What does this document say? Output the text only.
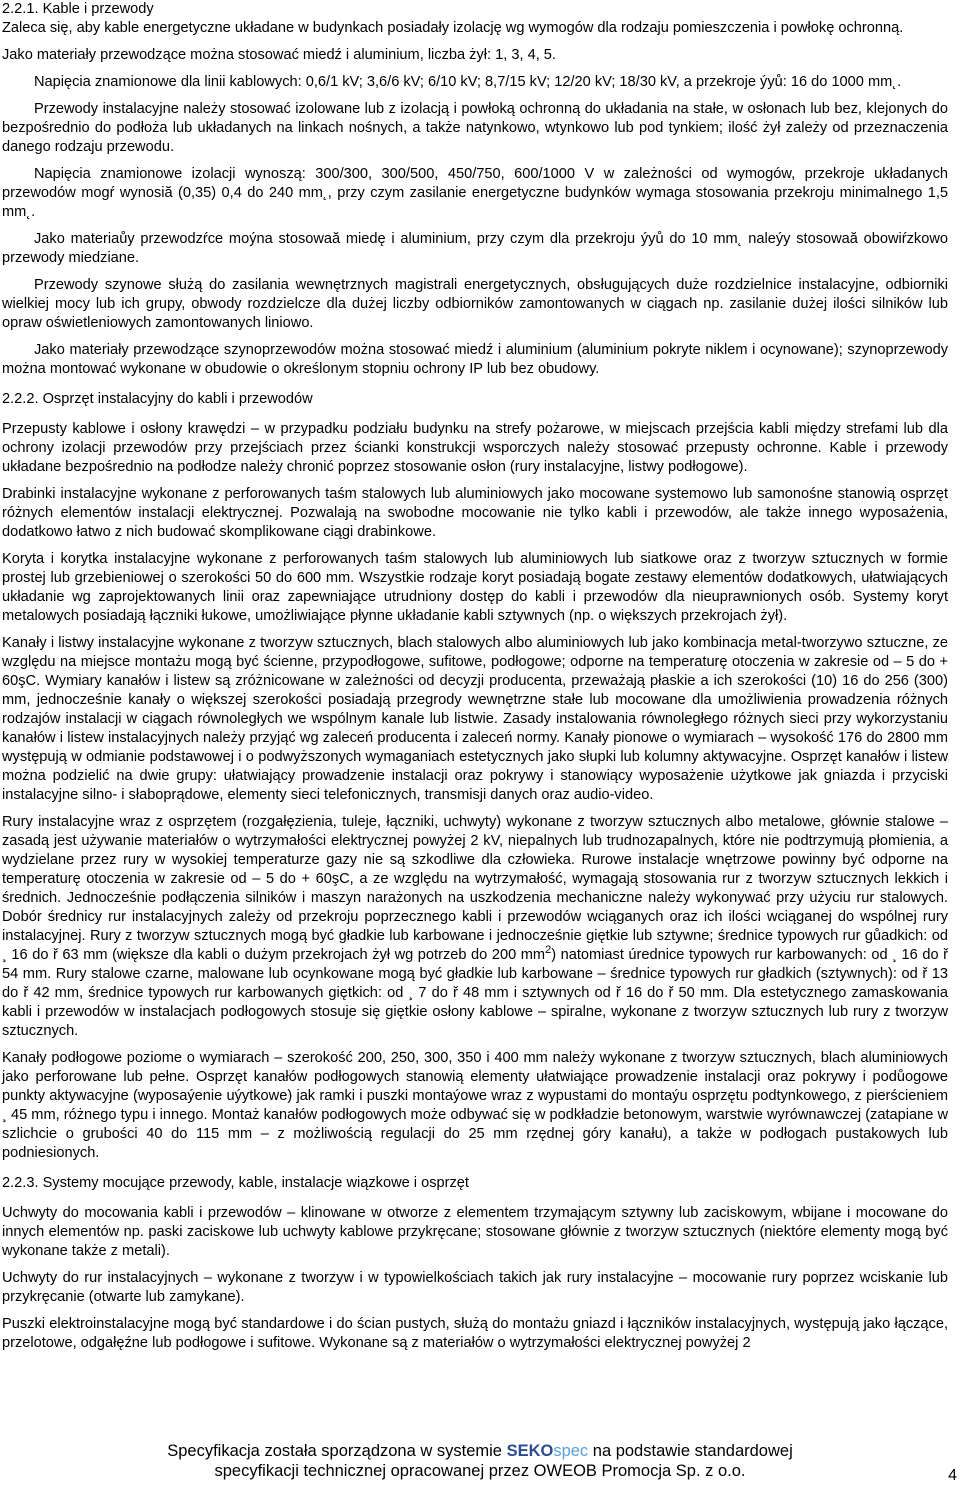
2.2.1. Kable i przewody

Zaleca się, aby kable energetyczne układane w budynkach posiadały izolację wg wymogów dla rodzaju pomieszczenia i powłokę ochronną.

Jako materiały przewodzące można stosować miedź i aluminium, liczba żył: 1, 3, 4, 5.

Napięcia znamionowe dla linii kablowych: 0,6/1 kV; 3,6/6 kV; 6/10 kV; 8,7/15 kV; 12/20 kV; 18/30 kV, a przekroje ýyů: 16 do 1000 mm˛.

Przewody instalacyjne należy stosować izolowane lub z izolacją i powłoką ochronną do układania na stałe, w osłonach lub bez, klejonych do bezpośrednio do podłoża lub układanych na linkach nośnych, a także natynkowo, wtynkowo lub pod tynkiem; ilość żył zależy od przeznaczenia danego rodzaju przewodu.

Napięcia znamionowe izolacji wynoszą: 300/300, 300/500, 450/750, 600/1000 V w zależności od wymogów, przekroje układanych przewodów mogŕ wynosiă (0,35) 0,4 do 240 mm˛, przy czym zasilanie energetyczne budynków wymaga stosowania przekroju minimalnego 1,5 mm˛.

Jako materiaůy przewodzŕce moýna stosowaă miedę i aluminium, przy czym dla przekroju ýyů do 10 mm˛ naleýy stosowaă obowiŕzkowo przewody miedziane.

Przewody szynowe służą do zasilania wewnętrznych magistrali energetycznych, obsługujących duże rozdzielnice instalacyjne, odbiorniki wielkiej mocy lub ich grupy, obwody rozdzielcze dla dużej liczby odbiorników zamontowanych w ciągach np. zasilanie dużej ilości silników lub opraw oświetleniowych zamontowanych liniowo.

Jako materiały przewodzące szynoprzewodów można stosować miedź i aluminium (aluminium pokryte niklem i ocynowane); szynoprzewody można montować wykonane w obudowie o określonym stopniu ochrony IP lub bez obudowy.

2.2.2. Osprzęt instalacyjny do kabli i przewodów

Przepusty kablowe i osłony krawędzi – w przypadku podziału budynku na strefy pożarowe, w miejscach przejścia kabli między strefami lub dla ochrony izolacji przewodów przy przejściach przez ścianki konstrukcji wsporczych należy stosować przepusty ochronne. Kable i przewody układane bezpośrednio na podłodze należy chronić poprzez stosowanie osłon (rury instalacyjne, listwy podłogowe).

Drabinki instalacyjne wykonane z perforowanych taśm stalowych lub aluminiowych jako mocowane systemowo lub samonośne stanowią osprzęt różnych elementów instalacji elektrycznej. Pozwalają na swobodne mocowanie nie tylko kabli i przewodów, ale także innego wyposażenia, dodatkowo łatwo z nich budować skomplikowane ciągi drabinkowe.

Koryta i korytka instalacyjne wykonane z perforowanych taśm stalowych lub aluminiowych lub siatkowe oraz z tworzyw sztucznych w formie prostej lub grzebieniowej o szerokości 50 do 600 mm. Wszystkie rodzaje koryt posiadają bogate zestawy elementów dodatkowych, ułatwiających układanie wg zaprojektowanych linii oraz zapewniające utrudniony dostęp do kabli i przewodów dla nieuprawnionych osób. Systemy koryt metalowych posiadają łączniki łukowe, umożliwiające płynne układanie kabli sztywnych (np. o większych przekrojach żył).

Kanały i listwy instalacyjne wykonane z tworzyw sztucznych, blach stalowych albo aluminiowych lub jako kombinacja metal-tworzywo sztuczne, ze względu na miejsce montażu mogą być ścienne, przypodłogowe, sufitowe, podłogowe; odporne na temperaturę otoczenia w zakresie od – 5 do + 60şC. Wymiary kanałów i listew są zróżnicowane w zależności od decyzji producenta, przeważają płaskie a ich szerokości (10) 16 do 256 (300) mm, jednocześnie kanały o większej szerokości posiadają przegrody wewnętrzne stałe lub mocowane dla umożliwienia prowadzenia różnych rodzajów instalacji w ciągach równoległych we wspólnym kanale lub listwie. Zasady instalowania równoległego różnych sieci przy wykorzystaniu kanałów i listew instalacyjnych należy przyjąć wg zaleceń producenta i zaleceń normy. Kanały pionowe o wymiarach – wysokość 176 do 2800 mm występują w odmianie podstawowej i o podwyższonych wymaganiach estetycznych jako słupki lub kolumny aktywacyjne. Osprzęt kanałów i listew można podzielić na dwie grupy: ułatwiający prowadzenie instalacji oraz pokrywy i stanowiący wyposażenie użytkowe jak gniazda i przyciski instalacyjne silno- i słaboprądowe, elementy sieci telefonicznych, transmisji danych oraz audio-video.

Rury instalacyjne wraz z osprzętem (rozgałęzienia, tuleje, łączniki, uchwyty) wykonane z tworzyw sztucznych albo metalowe, głównie stalowe – zasadą jest używanie materiałów o wytrzymałości elektrycznej powyżej 2 kV, niepalnych lub trudnozapalnych, które nie podtrzymują płomienia, a wydzielane przez rury w wysokiej temperaturze gazy nie są szkodliwe dla człowieka. Rurowe instalacje wnętrzowe powinny być odporne na temperaturę otoczenia w zakresie od – 5 do + 60şC, a ze względu na wytrzymałość, wymagają stosowania rur z tworzyw sztucznych lekkich i średnich. Jednocześnie podłączenia silników i maszyn narażonych na uszkodzenia mechaniczne należy wykonywać przy użyciu rur stalowych. Dobór średnicy rur instalacyjnych zależy od przekroju poprzecznego kabli i przewodów wciąganych oraz ich ilości wciąganej do wspólnej rury instalacyjnej. Rury z tworzyw sztucznych mogą być gładkie lub karbowane i jednocześnie giętkie lub sztywne; średnice typowych rur gůadkich: od ¸ 16 do ř 63 mm (większe dla kabli o dużym przekrojach żył wg potrzeb do 200 $mm^2$) natomiast úrednice typowych rur karbowanych: od ¸ 16 do ř 54 mm. Rury stalowe czarne, malowane lub ocynkowane mogą być gładkie lub karbowane – średnice typowych rur gładkich (sztywnych): od ř 13 do ř 42 mm, średnice typowych rur karbowanych giętkich: od ¸ 7 do ř 48 mm i sztywnych od ř 16 do ř 50 mm. Dla estetycznego zamaskowania kabli i przewodów w instalacjach podłogowych stosuje się giętkie osłony kablowe – spiralne, wykonane z tworzyw sztucznych lub rury z tworzyw sztucznych.

Kanały podłogowe poziome o wymiarach – szerokość 200, 250, 300, 350 i 400 mm należy wykonane z tworzyw sztucznych, blach aluminiowych jako perforowane lub pełne. Osprzęt kanałów podłogowych stanowią elementy ułatwiające prowadzenie instalacji oraz pokrywy i podůogowe punkty aktywacyjne (wyposaýenie uýytkowe) jak ramki i puszki montaýowe wraz z wypustami do montaýu osprzętu podtynkowego, z pierścieniem ¸ 45 mm, różnego typu i innego. Montaż kanałów podłogowych może odbywać się w podkładzie betonowym, warstwie wyrównawczej (zatapiane w szlichcie o grubości 40 do 115 mm – z możliwością regulacji do 25 mm rzędnej góry kanału), a także w podłogach pustakowych lub podniesionych.

2.2.3. Systemy mocujące przewody, kable, instalacje wiązkowe i osprzęt

Uchwyty do mocowania kabli i przewodów – klinowane w otworze z elementem trzymającym sztywny lub zaciskowym, wbijane i mocowane do innych elementów np. paski zaciskowe lub uchwyty kablowe przykręcane; stosowane głównie z tworzyw sztucznych (niektóre elementy mogą być wykonane także z metali).

Uchwyty do rur instalacyjnych – wykonane z tworzyw i w typowielkościach takich jak rury instalacyjne – mocowanie rury poprzez wciskanie lub przykręcanie (otwarte lub zamykane).

Puszki elektroinstalacyjne mogą być standardowe i do ścian pustych, służą do montażu gniazd i łączników instalacyjnych, występują jako łączące, przelotowe, odgałęźne lub podłogowe i sufitowe. Wykonane są z materiałów o wytrzymałości elektrycznej powyżej 2

Specyfikacja została sporządzona w systemie SEKOspec na podstawie standardowej
specyfikacji technicznej opracowanej przez OWEOB Promocja Sp. z o.o.	4
